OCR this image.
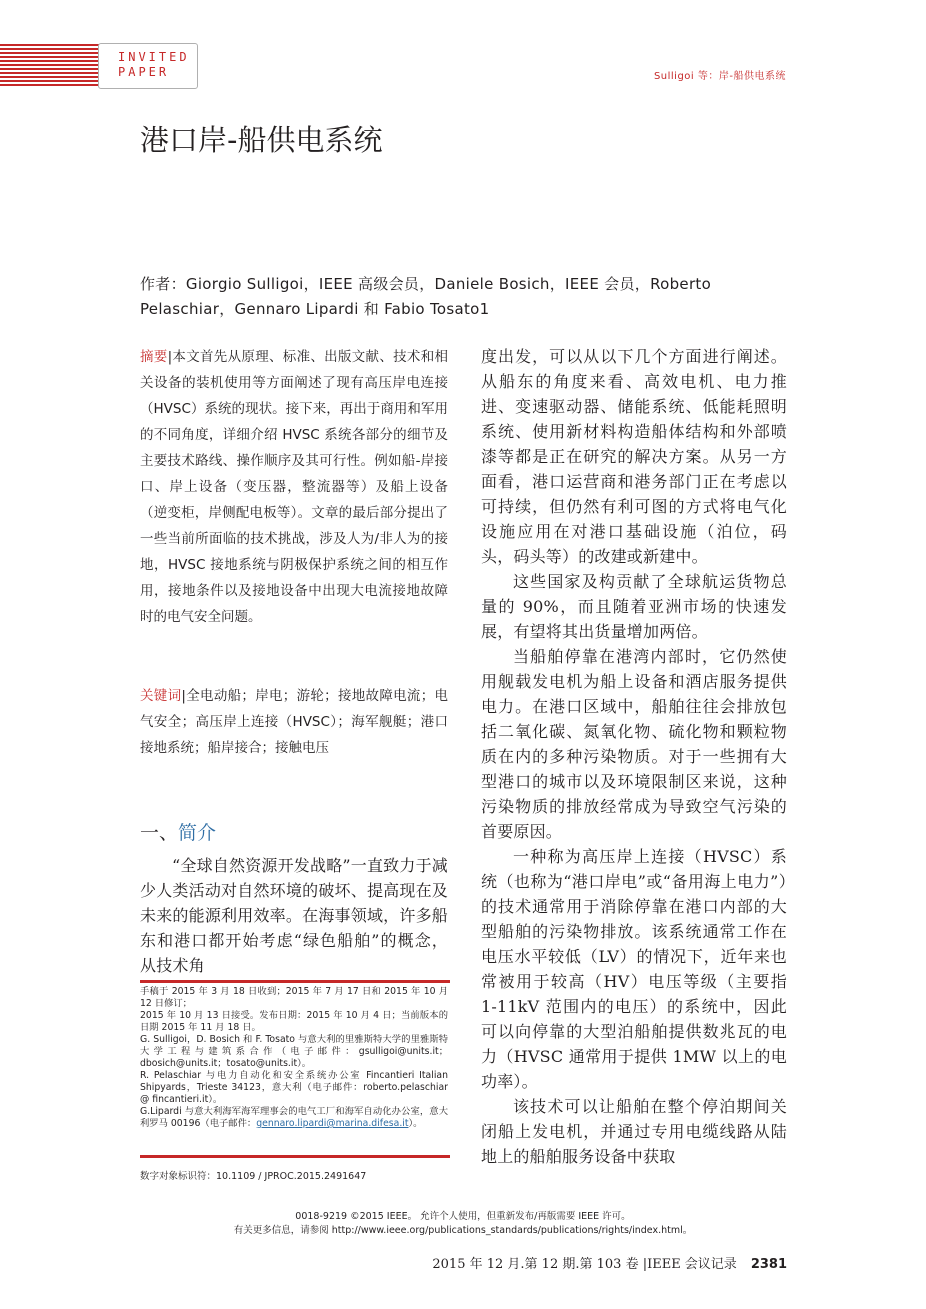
INVITED
PAPER	Sulligoi 等：岸-船供电系统
港口岸-船供电系统
作者：Giorgio Sulligoi，IEEE 高级会员，Daniele Bosich，IEEE 会员，Roberto Pelaschiar，Gennaro Lipardi 和 Fabio Tosato1
摘要|本文首先从原理、标准、出版文献、技术和相关设备的装机使用等方面阐述了现有高压岸电连接（HVSC）系统的现状。接下来，再出于商用和军用的不同角度，详细介绍 HVSC 系统各部分的细节及主要技术路线、操作顺序及其可行性。例如船-岸接口、岸上设备（变压器，整流器等）及船上设备（逆变柜，岸侧配电板等）。文章的最后部分提出了一些当前所面临的技术挑战，涉及人为/非人为的接地，HVSC 接地系统与阴极保护系统之间的相互作用，接地条件以及接地设备中出现大电流接地故障时的电气安全问题。
关键词|全电动船；岸电；游轮；接地故障电流；电气安全；高压岸上连接（HVSC）；海军舰艇；港口接地系统；船岸接合；接触电压
一、简介
“全球自然资源开发战略”一直致力于减少人类活动对自然环境的破坏、提高现在及未来的能源利用效率。在海事领域，许多船东和港口都开始考虑“绿色船舶”的概念，从技术角

手稿于 2015 年 3 月 18 日收到；2015 年 7 月 17 日和 2015 年 10 月 12 日修订；

2015 年 10 月 13 日接受。发布日期：2015 年 10 月 4 日；当前版本的日期 2015 年 11 月 18 日。

G. Sulligoi，D. Bosich 和 F. Tosato 与意大利的里雅斯特大学的里雅斯特大学工程与建筑系合作（电子邮件：gsulligoi@units.it；dbosich@units.it；tosato@units.it）。

R. Pelaschiar 与电力自动化和安全系统办公室 Fincantieri Italian Shipyards，Trieste 34123，意大利（电子邮件：roberto.pelaschiar @ fincantieri.it）。

G.Lipardi 与意大利海军海军理事会的电气工厂和海军自动化办公室，意大利罗马 00196（电子邮件：gennaro.lipardi@marina.difesa.it）。

数字对象标识符：10.1109 / JPROC.2015.2491647

度出发，可以从以下几个方面进行阐述。从船东的角度来看、高效电机、电力推进、变速驱动器、储能系统、低能耗照明系统、使用新材料构造船体结构和外部喷漆等都是正在研究的解决方案。从另一方面看，港口运营商和港务部门正在考虑以可持续，但仍然有利可图的方式将电气化设施应用在对港口基础设施（泊位，码头，码头等）的改建或新建中。

这些国家及构贡献了全球航运货物总量的 90%，而且随着亚洲市场的快速发展，有望将其出货量增加两倍。

当船舶停靠在港湾内部时，它仍然使用舰载发电机为船上设备和酒店服务提供电力。在港口区域中，船舶往往会排放包括二氧化碳、氮氧化物、硫化物和颗粒物质在内的多种污染物质。对于一些拥有大型港口的城市以及环境限制区来说，这种污染物质的排放经常成为导致空气污染的首要原因。

一种称为高压岸上连接（HVSC）系统（也称为“港口岸电”或“备用海上电力”）的技术通常用于消除停靠在港口内部的大型船舶的污染物排放。该系统通常工作在电压水平较低（LV）的情况下，近年来也常被用于较高（HV）电压等级（主要指 1-11kV 范围内的电压）的系统中，因此可以向停靠的大型泊船舶提供数兆瓦的电力（HVSC 通常用于提供 1MW 以上的电功率）。

该技术可以让船舶在整个停泊期间关闭船上发电机，并通过专用电缆线路从陆地上的船舶服务设备中获取

0018-9219 ©2015 IEEE。 允许个人使用，但重新发布/再版需要 IEEE 许可。
有关更多信息，请参阅 http://www.ieee.org/publications_standards/publications/rights/index.html。
2015 年 12 月.第 12 期.第 103 卷 |IEEE 会议记录 2381
